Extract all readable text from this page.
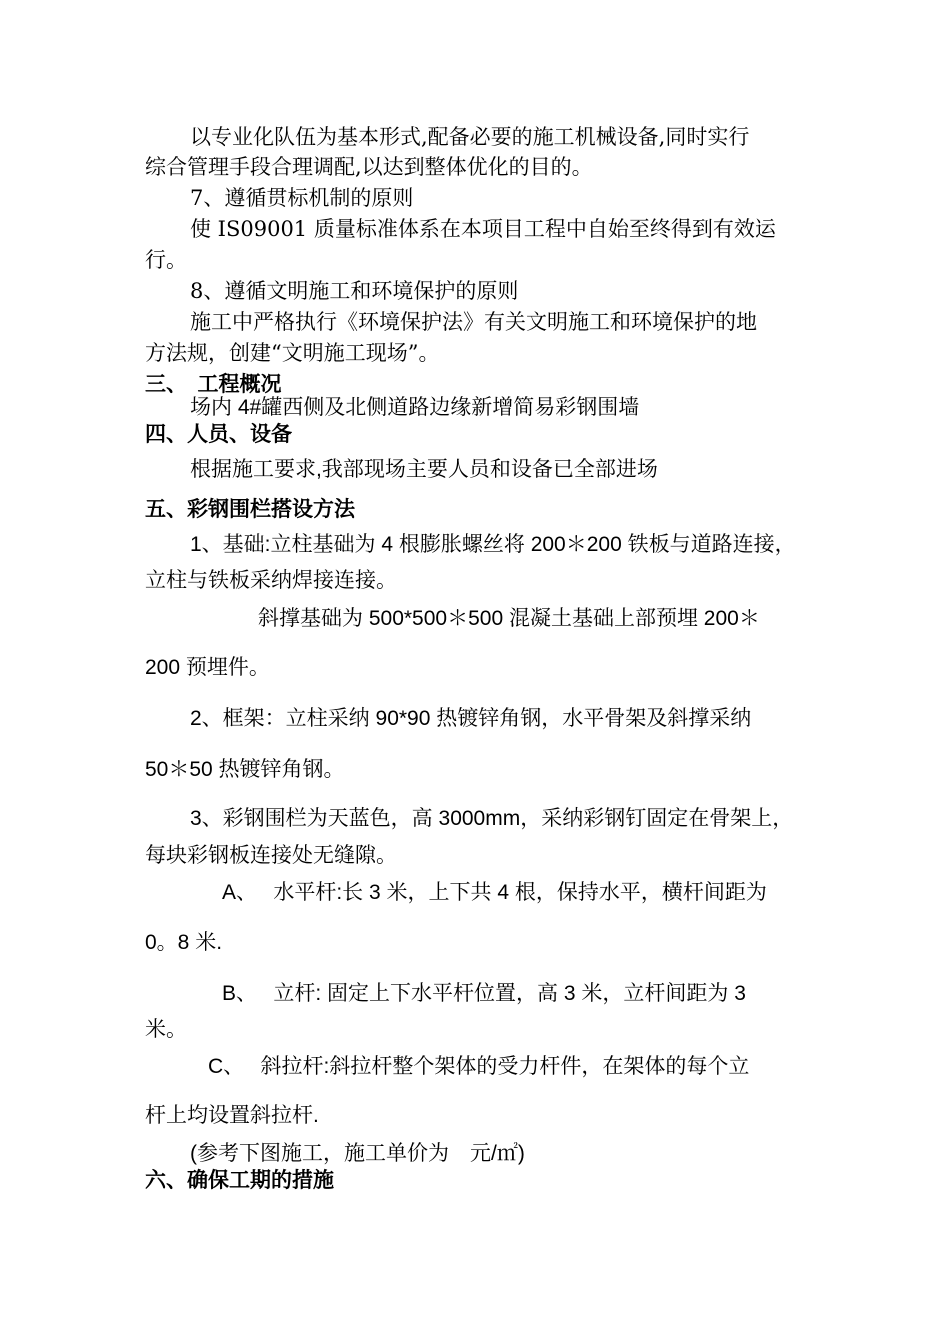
以专业化队伍为基本形式,配备必要的施工机械设备,同时实行
综合管理手段合理调配,以达到整体优化的目的。
7、遵循贯标机制的原则
使 IS09001 质量标准体系在本项目工程中自始至终得到有效运
行。
8、遵循文明施工和环境保护的原则
施工中严格执行《环境保护法》有关文明施工和环境保护的地
方法规，创建“文明施工现场”。
三、　工程概况
场内 4#罐西侧及北侧道路边缘新增简易彩钢围墙
四、人员、设备
根据施工要求,我部现场主要人员和设备已全部进场
五、彩钢围栏搭设方法
1、基础:立柱基础为 4 根膨胀螺丝将 200＊200 铁板与道路连接，
立柱与铁板采纳焊接连接。
斜撑基础为 500*500＊500 混凝土基础上部预埋 200＊
200 预埋件。
2、框架：立柱采纳 90*90 热镀锌角钢，水平骨架及斜撑采纳
50＊50 热镀锌角钢。
3、彩钢围栏为天蓝色，高 3000mm，采纳彩钢钉固定在骨架上，
每块彩钢板连接处无缝隙。
A、　 水平杆:长 3 米，上下共 4 根，保持水平，横杆间距为
0。8 米.
B、　 立杆: 固定上下水平杆位置，高 3 米，立杆间距为 3
米。
C、　 斜拉杆:斜拉杆整个架体的受力杆件，在架体的每个立
杆上均设置斜拉杆.
(参考下图施工，施工单价为　元/㎡)
六、确保工期的措施
